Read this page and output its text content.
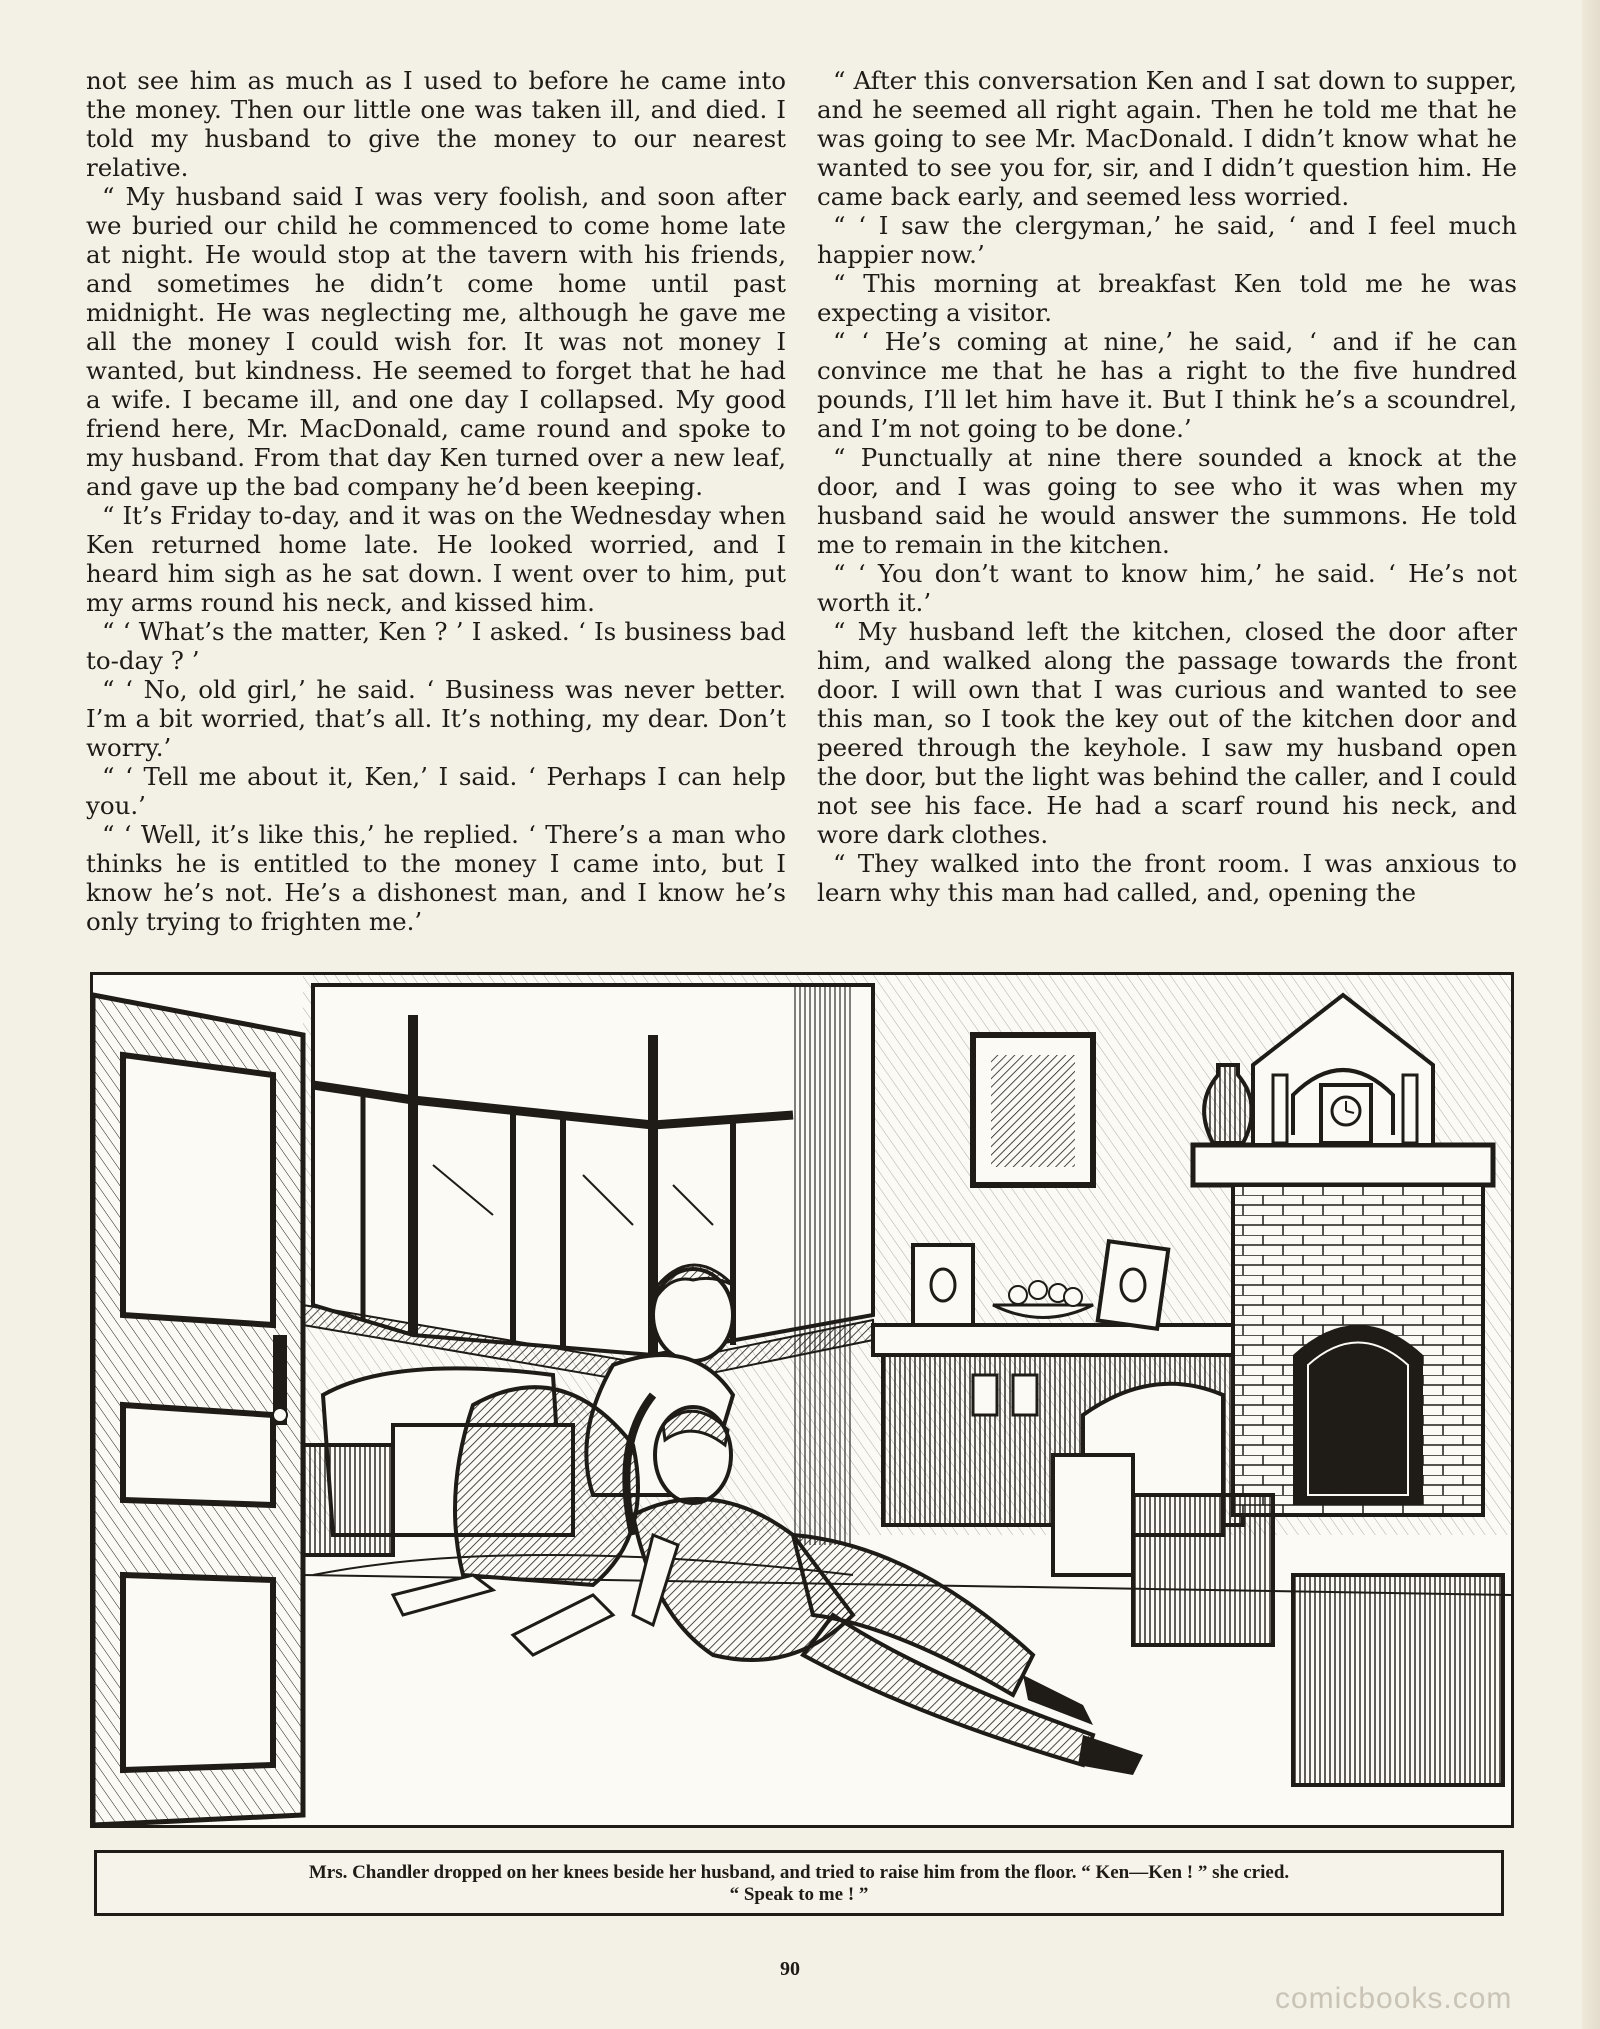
not see him as much as I used to before he came into the money. Then our little one was taken ill, and died. I told my husband to give the money to our nearest relative.

“ My husband said I was very foolish, and soon after we buried our child he commenced to come home late at night. He would stop at the tavern with his friends, and sometimes he didn’t come home until past midnight. He was neglecting me, although he gave me all the money I could wish for. It was not money I wanted, but kindness. He seemed to forget that he had a wife. I became ill, and one day I collapsed. My good friend here, Mr. MacDonald, came round and spoke to my husband. From that day Ken turned over a new leaf, and gave up the bad company he’d been keeping.

“ It’s Friday to-day, and it was on the Wednesday when Ken returned home late. He looked worried, and I heard him sigh as he sat down. I went over to him, put my arms round his neck, and kissed him.

“ ‘ What’s the matter, Ken ? ’ I asked. ‘ Is business bad to-day ? ’

“ ‘ No, old girl,’ he said. ‘ Business was never better. I’m a bit worried, that’s all. It’s nothing, my dear. Don’t worry.’

“ ‘ Tell me about it, Ken,’ I said. ‘ Perhaps I can help you.’

“ ‘ Well, it’s like this,’ he replied. ‘ There’s a man who thinks he is entitled to the money I came into, but I know he’s not. He’s a dishonest man, and I know he’s only trying to frighten me.’

“ After this conversation Ken and I sat down to supper, and he seemed all right again. Then he told me that he was going to see Mr. MacDonald. I didn’t know what he wanted to see you for, sir, and I didn’t question him. He came back early, and seemed less worried.

“ ‘ I saw the clergyman,’ he said, ‘ and I feel much happier now.’

“ This morning at breakfast Ken told me he was expecting a visitor.

“ ‘ He’s coming at nine,’ he said, ‘ and if he can convince me that he has a right to the five hundred pounds, I’ll let him have it. But I think he’s a scoundrel, and I’m not going to be done.’

“ Punctually at nine there sounded a knock at the door, and I was going to see who it was when my husband said he would answer the summons. He told me to remain in the kitchen.

“ ‘ You don’t want to know him,’ he said. ‘ He’s not worth it.’

“ My husband left the kitchen, closed the door after him, and walked along the passage towards the front door. I will own that I was curious and wanted to see this man, so I took the key out of the kitchen door and peered through the keyhole. I saw my husband open the door, but the light was behind the caller, and I could not see his face. He had a scarf round his neck, and wore dark clothes.

“ They walked into the front room. I was anxious to learn why this man had called, and, opening the

Mrs. Chandler dropped on her knees beside her husband, and tried to raise him from the floor. “ Ken—Ken ! ” she cried.
“ Speak to me ! ”
90
comicbooks.com
